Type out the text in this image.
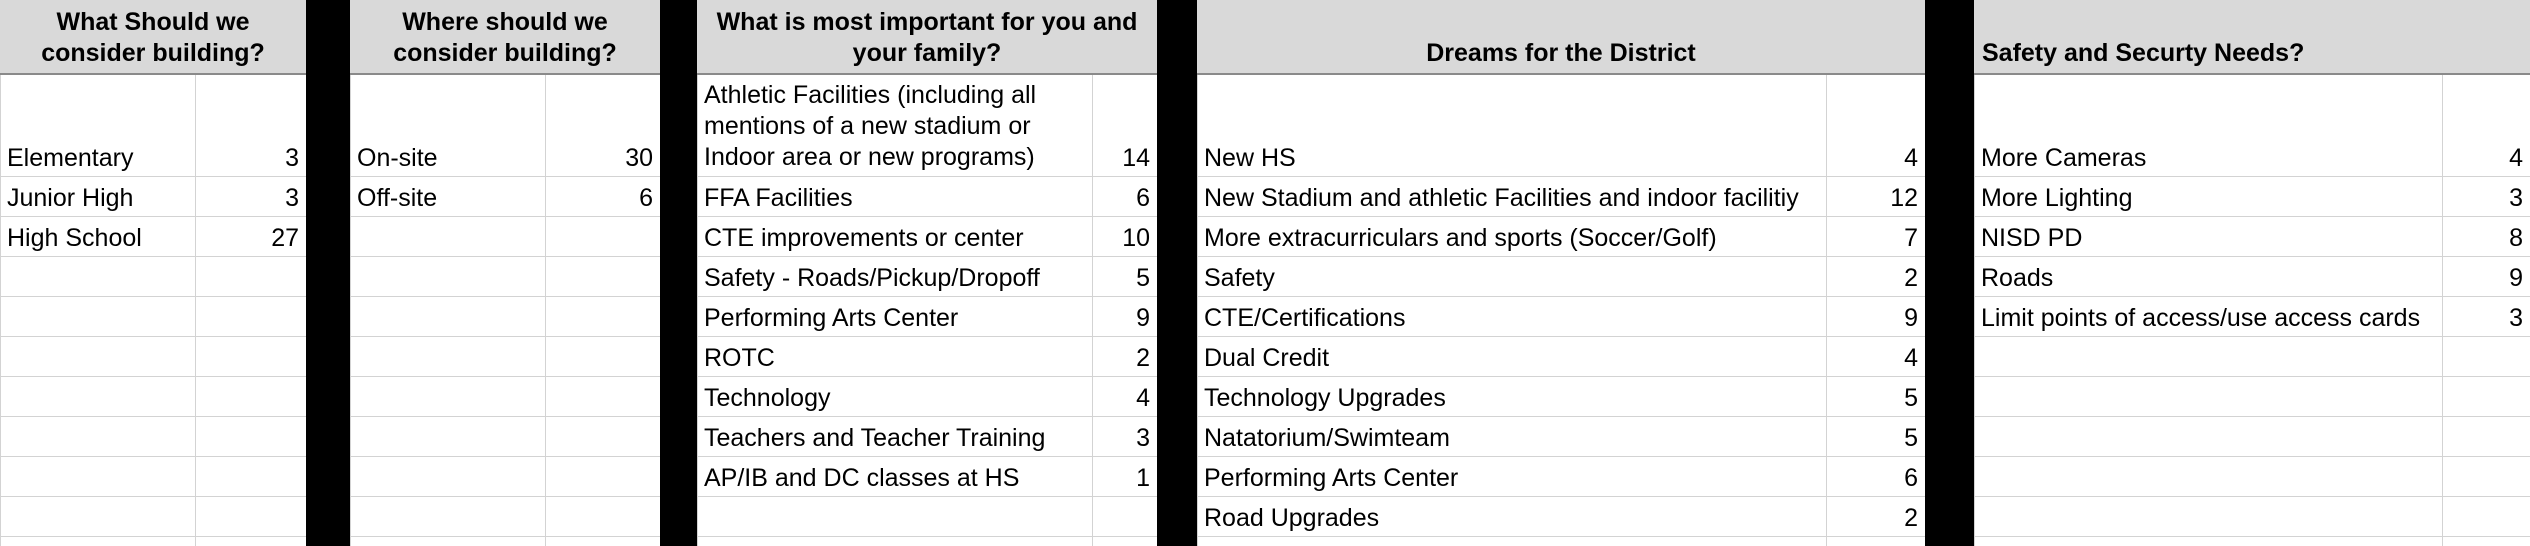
What Should we consider building?
Elementary	3
Junior High	3
High School	27
Where should we consider building?
On-site	30
Off-site	6
What is most important for you and your family?
Athletic Facilities (including all mentions of a new stadium or Indoor area or new programs)	14
FFA Facilities	6
CTE improvements or center	10
Safety - Roads/Pickup/Dropoff	5
Performing Arts Center	9
ROTC	2
Technology	4
Teachers and Teacher Training	3
AP/IB and DC classes at HS	1
Dreams for the District
New HS	4
New Stadium and athletic Facilities and indoor facilitiy	12
More extracurriculars and sports (Soccer/Golf)	7
Safety	2
CTE/Certifications	9
Dual Credit	4
Technology Upgrades	5
Natatorium/Swimteam	5
Performing Arts Center	6
Road Upgrades	2
Safety and Securty Needs?
More Cameras	4
More Lighting	3
NISD PD	8
Roads	9
Limit points of access/use access cards	3
